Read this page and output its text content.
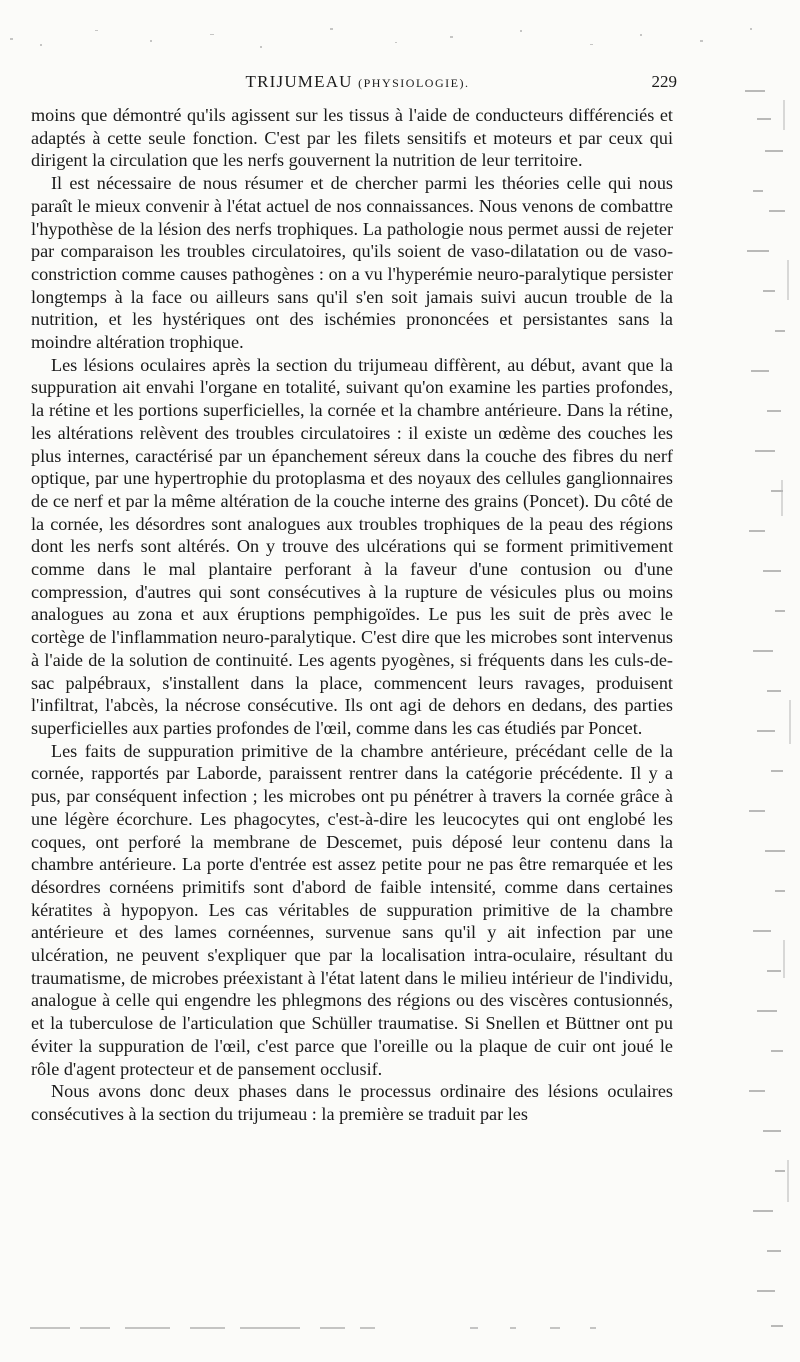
TRIJUMEAU (PHYSIOLOGIE).	229

moins que démontré qu'ils agissent sur les tissus à l'aide de conducteurs différenciés et adaptés à cette seule fonction. C'est par les filets sensitifs et moteurs et par ceux qui dirigent la circulation que les nerfs gouvernent la nutrition de leur territoire.

Il est nécessaire de nous résumer et de chercher parmi les théories celle qui nous paraît le mieux convenir à l'état actuel de nos connaissances. Nous venons de combattre l'hypothèse de la lésion des nerfs trophiques. La pathologie nous permet aussi de rejeter par comparaison les troubles circulatoires, qu'ils soient de vaso-dilatation ou de vaso-constriction comme causes pathogènes : on a vu l'hyperémie neuro-paralytique persister longtemps à la face ou ailleurs sans qu'il s'en soit jamais suivi aucun trouble de la nutrition, et les hystériques ont des ischémies prononcées et persistantes sans la moindre altération trophique.

Les lésions oculaires après la section du trijumeau diffèrent, au début, avant que la suppuration ait envahi l'organe en totalité, suivant qu'on examine les parties profondes, la rétine et les portions superficielles, la cornée et la chambre antérieure. Dans la rétine, les altérations relèvent des troubles circulatoires : il existe un œdème des couches les plus internes, caractérisé par un épanchement séreux dans la couche des fibres du nerf optique, par une hypertrophie du protoplasma et des noyaux des cellules ganglionnaires de ce nerf et par la même altération de la couche interne des grains (Poncet). Du côté de la cornée, les désordres sont analogues aux troubles trophiques de la peau des régions dont les nerfs sont altérés. On y trouve des ulcérations qui se forment primitivement comme dans le mal plantaire perforant à la faveur d'une contusion ou d'une compression, d'autres qui sont consécutives à la rupture de vésicules plus ou moins analogues au zona et aux éruptions pemphigoïdes. Le pus les suit de près avec le cortège de l'inflammation neuro-paralytique. C'est dire que les microbes sont intervenus à l'aide de la solution de continuité. Les agents pyogènes, si fréquents dans les culs-de-sac palpébraux, s'installent dans la place, commencent leurs ravages, produisent l'infiltrat, l'abcès, la nécrose consécutive. Ils ont agi de dehors en dedans, des parties superficielles aux parties profondes de l'œil, comme dans les cas étudiés par Poncet.

Les faits de suppuration primitive de la chambre antérieure, précédant celle de la cornée, rapportés par Laborde, paraissent rentrer dans la catégorie précédente. Il y a pus, par conséquent infection ; les microbes ont pu pénétrer à travers la cornée grâce à une légère écorchure. Les phagocytes, c'est-à-dire les leucocytes qui ont englobé les coques, ont perforé la membrane de Descemet, puis déposé leur contenu dans la chambre antérieure. La porte d'entrée est assez petite pour ne pas être remarquée et les désordres cornéens primitifs sont d'abord de faible intensité, comme dans certaines kératites à hypopyon. Les cas véritables de suppuration primitive de la chambre antérieure et des lames cornéennes, survenue sans qu'il y ait infection par une ulcération, ne peuvent s'expliquer que par la localisation intra-oculaire, résultant du traumatisme, de microbes préexistant à l'état latent dans le milieu intérieur de l'individu, analogue à celle qui engendre les phlegmons des régions ou des viscères contusionnés, et la tuberculose de l'articulation que Schüller traumatise. Si Snellen et Büttner ont pu éviter la suppuration de l'œil, c'est parce que l'oreille ou la plaque de cuir ont joué le rôle d'agent protecteur et de pansement occlusif.

Nous avons donc deux phases dans le processus ordinaire des lésions oculaires consécutives à la section du trijumeau : la première se traduit par les
